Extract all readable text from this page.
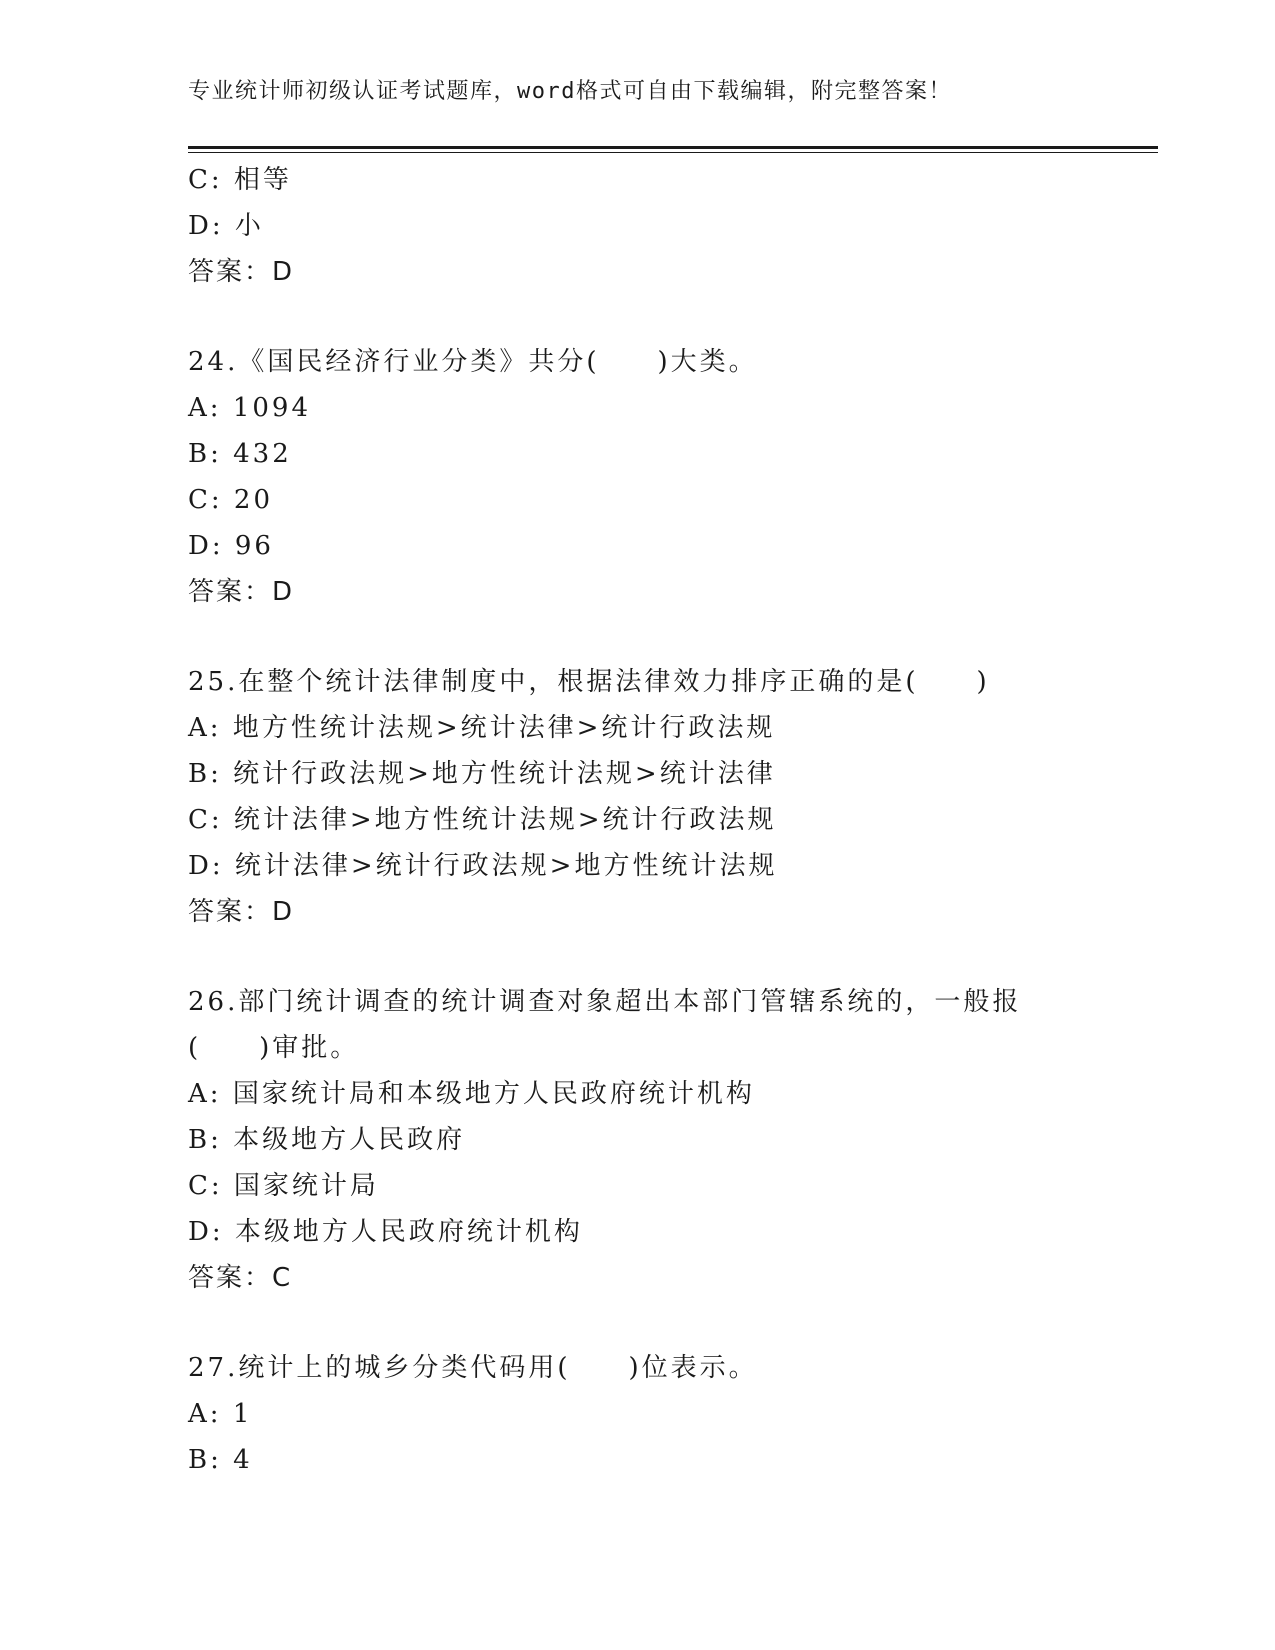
专业统计师初级认证考试题库，word格式可自由下载编辑，附完整答案！
C: 相等
D: 小
答案：D
24.《国民经济行业分类》共分(　　)大类。
A: 1094
B: 432
C: 20
D: 96
答案：D
25.在整个统计法律制度中，根据法律效力排序正确的是(　　)
A: 地方性统计法规>统计法律>统计行政法规
B: 统计行政法规>地方性统计法规>统计法律
C: 统计法律>地方性统计法规>统计行政法规
D: 统计法律>统计行政法规>地方性统计法规
答案：D
26.部门统计调查的统计调查对象超出本部门管辖系统的，一般报
(　　)审批。
A: 国家统计局和本级地方人民政府统计机构
B: 本级地方人民政府
C: 国家统计局
D: 本级地方人民政府统计机构
答案：C
27.统计上的城乡分类代码用(　　)位表示。
A: 1
B: 4
